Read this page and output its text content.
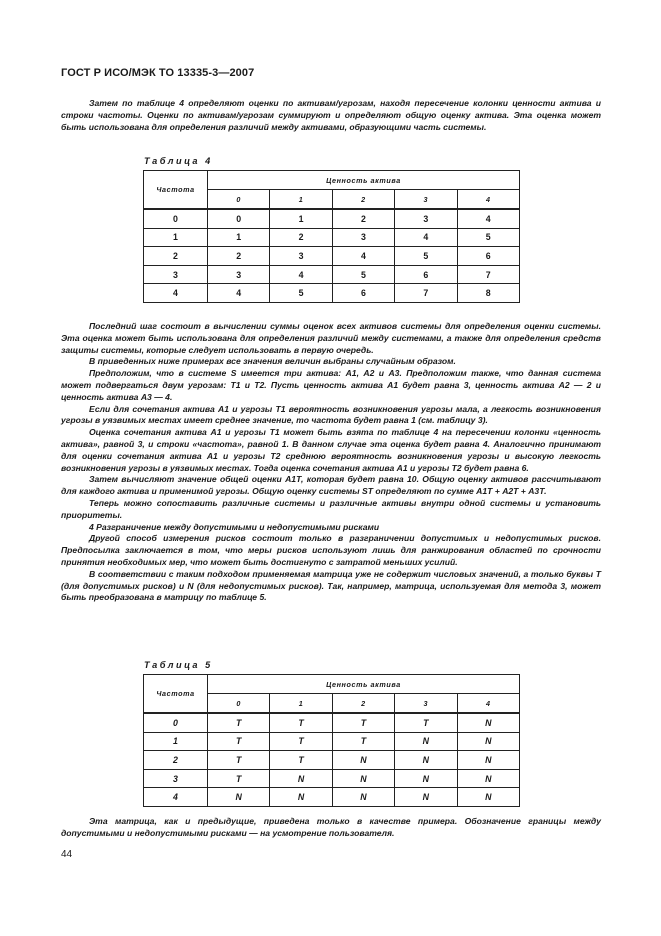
ГОСТ Р ИСО/МЭК ТО 13335-3—2007

Затем по таблице 4 определяют оценки по активам/угрозам, находя пересечение колонки ценности актива и строки частоты. Оценки по активам/угрозам суммируют и определяют общую оценку актива. Эта оценка может быть использована для определения различий между активами, образующими часть системы.

Таблица 4
Частота	Ценность актива				
	0	1	2	3	4
0	0	1	2	3	4
1	1	2	3	4	5
2	2	3	4	5	6
3	3	4	5	6	7
4	4	5	6	7	8

Последний шаг состоит в вычислении суммы оценок всех активов системы для определения оценки системы. Эта оценка может быть использована для определения различий между системами, а также для определения средств защиты системы, которые следует использовать в первую очередь.

В приведенных ниже примерах все значения величин выбраны случайным образом.

Предположим, что в системе S имеется три актива: А1, А2 и А3. Предположим также, что данная система может подвергаться двум угрозам: Т1 и Т2. Пусть ценность актива А1 будет равна 3, ценность актива А2 — 2 и ценность актива А3 — 4.

Если для сочетания актива А1 и угрозы Т1 вероятность возникновения угрозы мала, а легкость возникновения угрозы в уязвимых местах имеет среднее значение, то частота будет равна 1 (см. таблицу 3).

Оценка сочетания актива А1 и угрозы Т1 может быть взята по таблице 4 на пересечении колонки «ценность актива», равной 3, и строки «частота», равной 1. В данном случае эта оценка будет равна 4. Аналогично принимают для оценки сочетания актива А1 и угрозы Т2 среднюю вероятность возникновения угрозы и высокую легкость возникновения угрозы в уязвимых местах. Тогда оценка сочетания актива А1 и угрозы Т2 будет равна 6.

Затем вычисляют значение общей оценки А1Т, которая будет равна 10. Общую оценку активов рассчитывают для каждого актива и применимой угрозы. Общую оценку системы ST определяют по сумме А1Т + А2Т + А3Т.

Теперь можно сопоставить различные системы и различные активы внутри одной системы и установить приоритеты.

4 Разграничение между допустимыми и недопустимыми рисками

Другой способ измерения рисков состоит только в разграничении допустимых и недопустимых рисков. Предпосылка заключается в том, что меры рисков используют лишь для ранжирования областей по срочности принятия необходимых мер, что может быть достигнуто с затратой меньших усилий.

В соответствии с таким подходом применяемая матрица уже не содержит числовых значений, а только буквы Т (для допустимых рисков) и N (для недопустимых рисков). Так, например, матрица, используемая для метода 3, может быть преобразована в матрицу по таблице 5.

Таблица 5
Частота	Ценность актива				
	0	1	2	3	4
0	T	T	T	T	N
1	T	T	T	N	N
2	T	T	N	N	N
3	T	N	N	N	N
4	N	N	N	N	N

Эта матрица, как и предыдущие, приведена только в качестве примера. Обозначение границы между допустимыми и недопустимыми рисками — на усмотрение пользователя.

44
